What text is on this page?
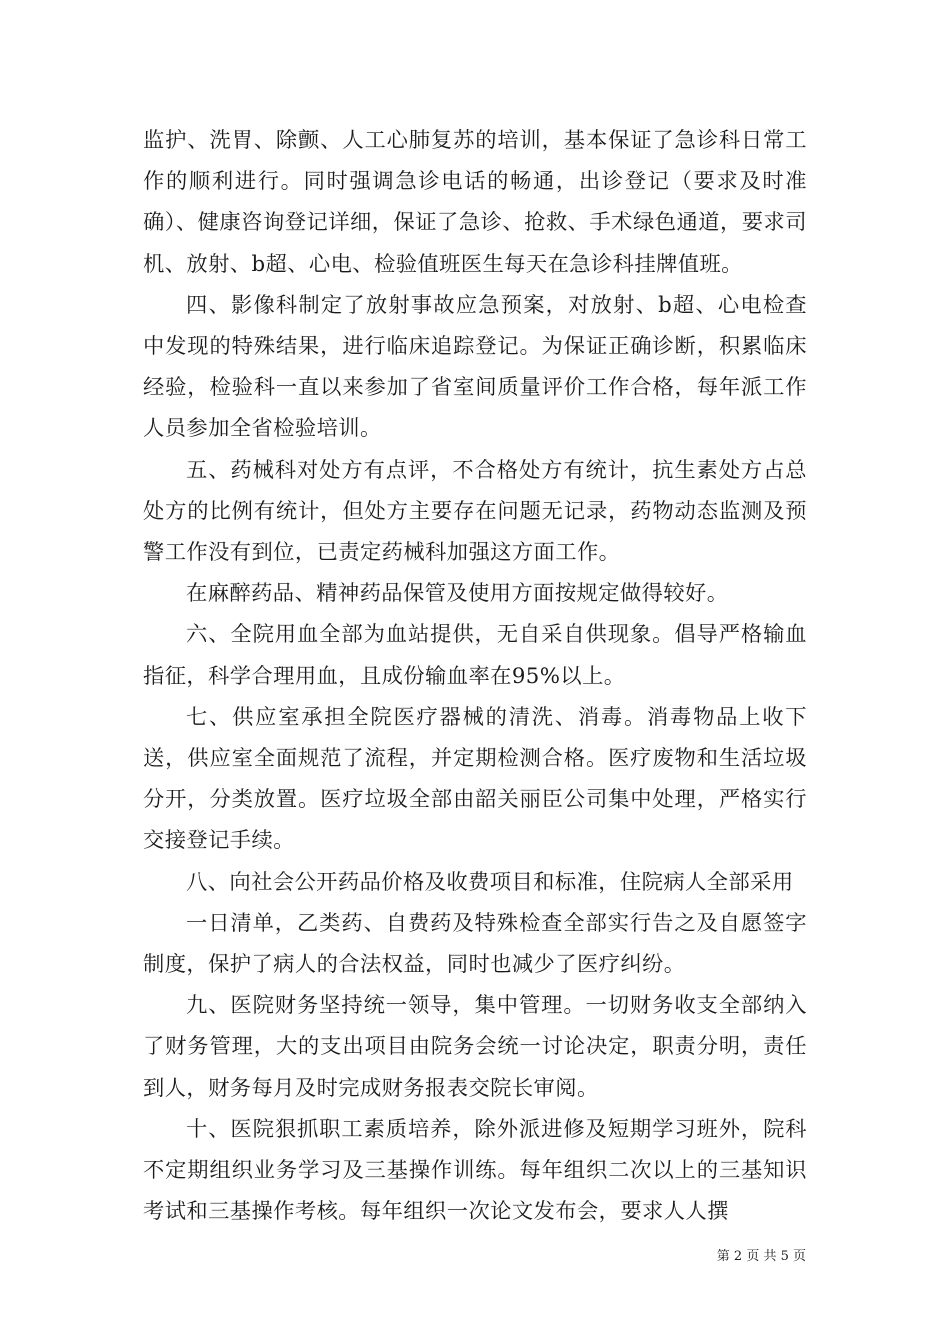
监护、洗胃、除颤、人工心肺复苏的培训，基本保证了急诊科日常工作的顺利进行。同时强调急诊电话的畅通，出诊登记（要求及时准确）、健康咨询登记详细，保证了急诊、抢救、手术绿色通道，要求司机、放射、b超、心电、检验值班医生每天在急诊科挂牌值班。

四、影像科制定了放射事故应急预案，对放射、b超、心电检查中发现的特殊结果，进行临床追踪登记。为保证正确诊断，积累临床经验，检验科一直以来参加了省室间质量评价工作合格，每年派工作人员参加全省检验培训。

五、药械科对处方有点评，不合格处方有统计，抗生素处方占总处方的比例有统计，但处方主要存在问题无记录，药物动态监测及预警工作没有到位，已责定药械科加强这方面工作。

在麻醉药品、精神药品保管及使用方面按规定做得较好。

六、全院用血全部为血站提供，无自采自供现象。倡导严格输血指征，科学合理用血，且成份输血率在95%以上。

七、供应室承担全院医疗器械的清洗、消毒。消毒物品上收下送，供应室全面规范了流程，并定期检测合格。医疗废物和生活垃圾分开，分类放置。医疗垃圾全部由韶关丽臣公司集中处理，严格实行交接登记手续。

八、向社会公开药品价格及收费项目和标准，住院病人全部采用

一日清单，乙类药、自费药及特殊检查全部实行告之及自愿签字制度，保护了病人的合法权益，同时也减少了医疗纠纷。

九、医院财务坚持统一领导，集中管理。一切财务收支全部纳入了财务管理，大的支出项目由院务会统一讨论决定，职责分明，责任到人，财务每月及时完成财务报表交院长审阅。

十、医院狠抓职工素质培养，除外派进修及短期学习班外，院科不定期组织业务学习及三基操作训练。每年组织二次以上的三基知识考试和三基操作考核。每年组织一次论文发布会，要求人人撰

第 2 页 共 5 页
